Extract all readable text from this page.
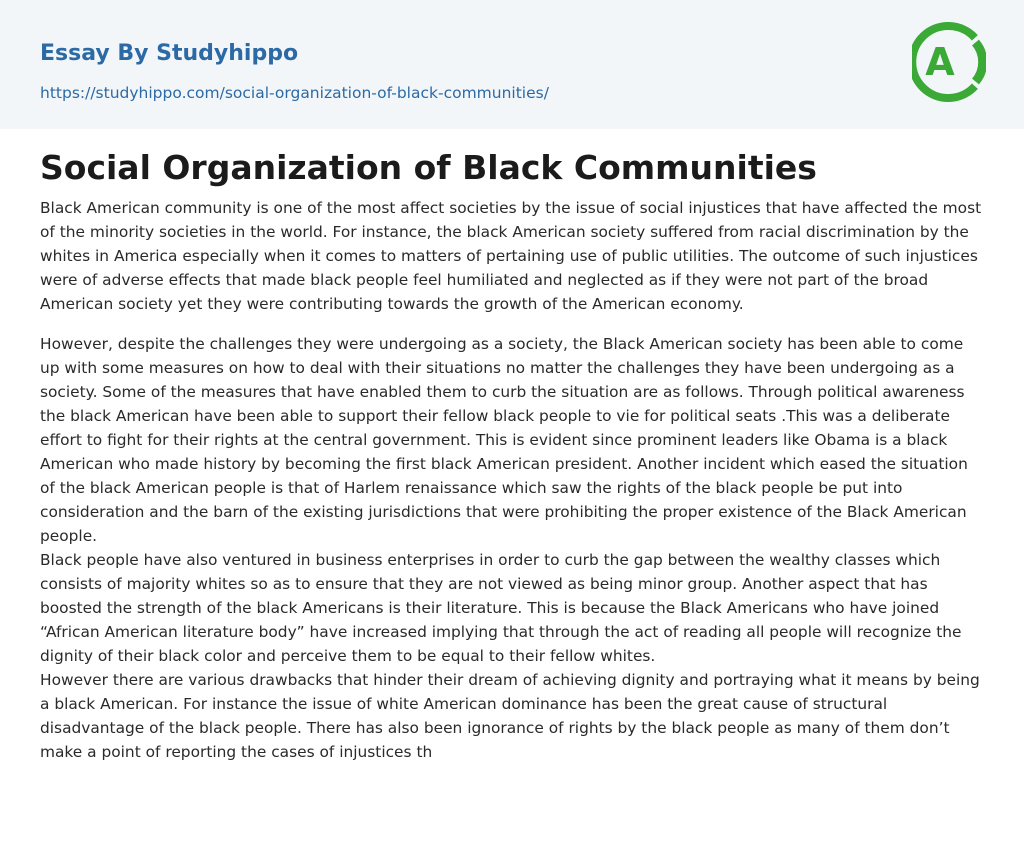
Essay By Studyhippo
https://studyhippo.com/social-organization-of-black-communities/
A
Social Organization of Black Communities

Black American community is one of the most affect societies by the issue of social injustices that have affected the most of the minority societies in the world. For instance, the black American society suffered from racial discrimination by the whites in America especially when it comes to matters of pertaining use of public utilities. The outcome of such injustices were of adverse effects that made black people feel humiliated and neglected as if they were not part of the broad American society yet they were contributing towards the growth of the American economy.

However, despite the challenges they were undergoing as a society, the Black American society has been able to come up with some measures on how to deal with their situations no matter the challenges they have been undergoing as a society. Some of the measures that have enabled them to curb the situation are as follows. Through political awareness the black American have been able to support their fellow black people to vie for political seats .This was a deliberate effort to fight for their rights at the central government. This is evident since prominent leaders like Obama is a black American who made history by becoming the first black American president. Another incident which eased the situation of the black American people is that of Harlem renaissance which saw the rights of the black people be put into consideration and the barn of the existing jurisdictions that were prohibiting the proper existence of the Black American people.

Black people have also ventured in business enterprises in order to curb the gap between the wealthy classes which consists of majority whites so as to ensure that they are not viewed as being minor group. Another aspect that has boosted the strength of the black Americans is their literature. This is because the Black Americans who have joined “African American literature body” have increased implying that through the act of reading all people will recognize the dignity of their black color and perceive them to be equal to their fellow whites.

However there are various drawbacks that hinder their dream of achieving dignity and portraying what it means by being a black American. For instance the issue of white American dominance has been the great cause of structural disadvantage of the black people. There has also been ignorance of rights by the black people as many of them don’t make a point of reporting the cases of injustices th
